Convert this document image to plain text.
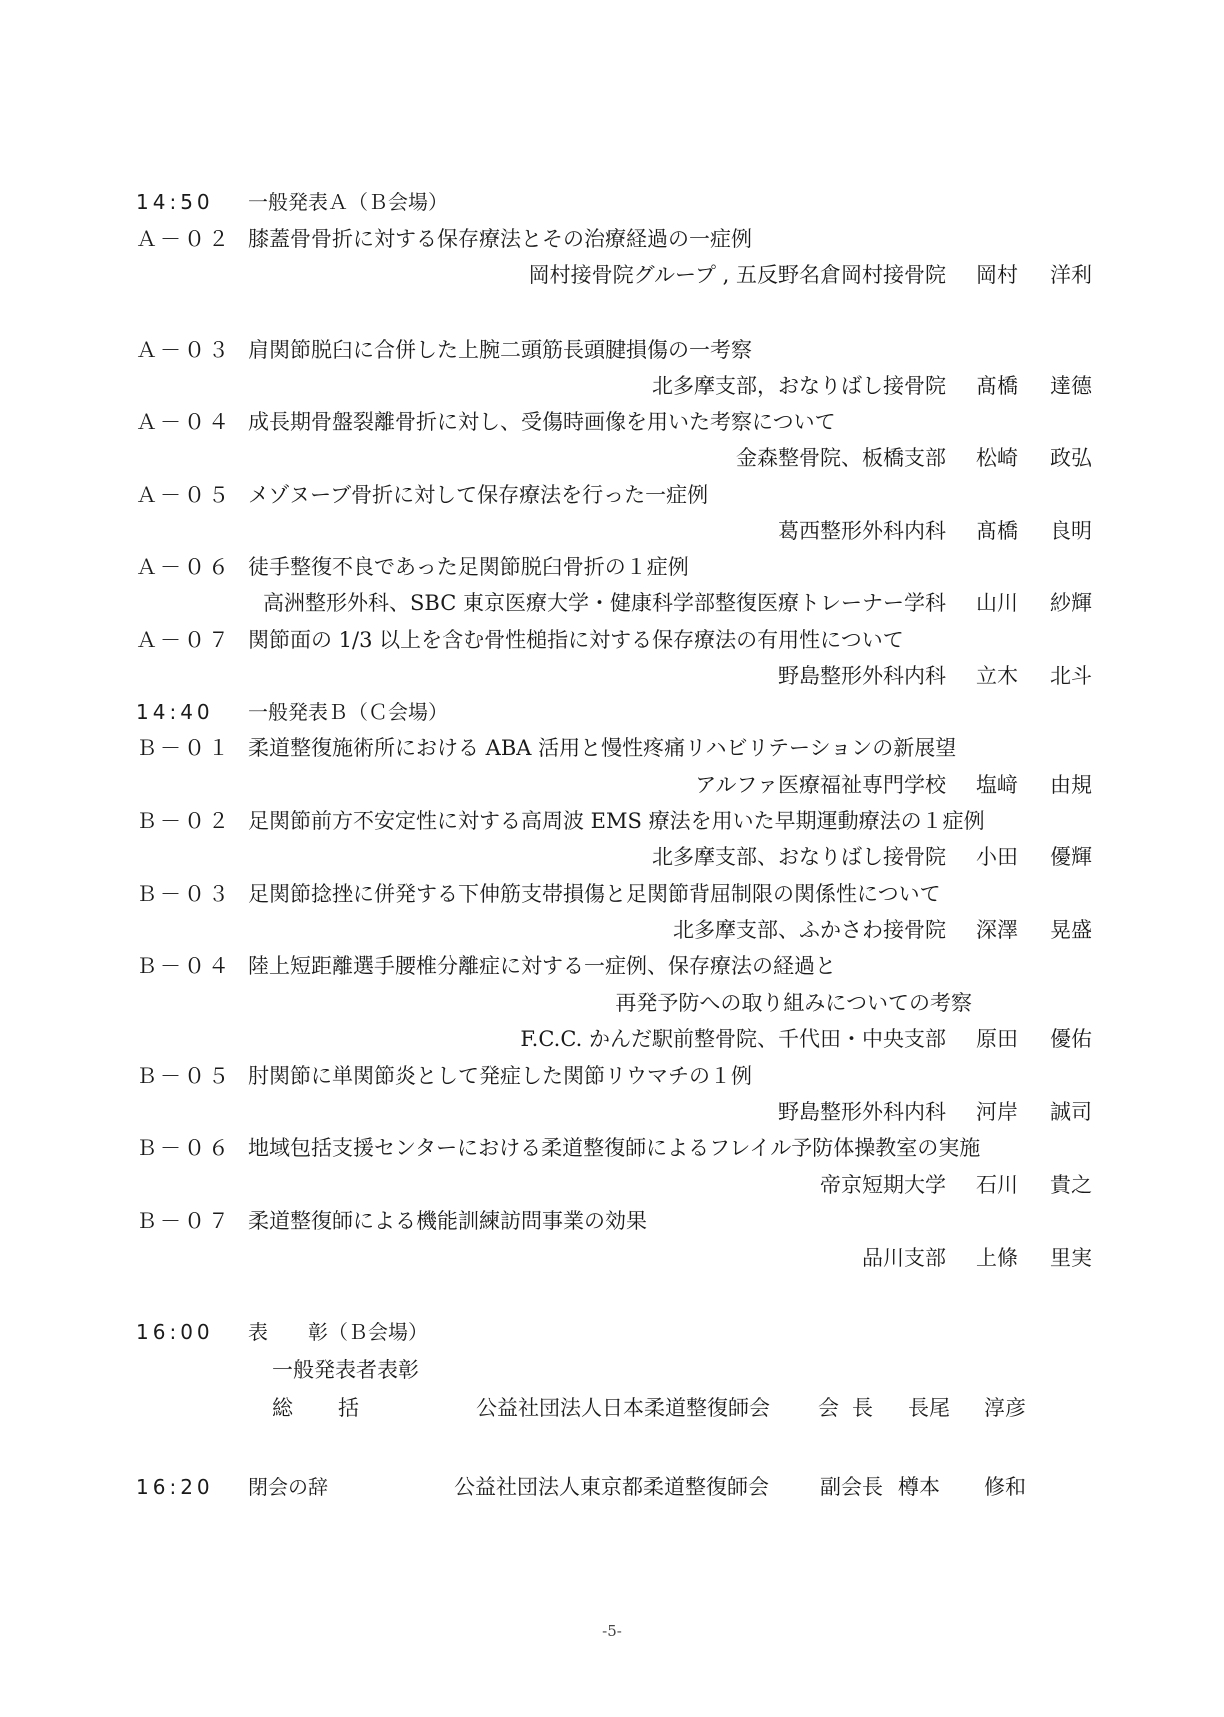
14:50 一般発表Ａ（Ｂ会場）
Ａ－０２ 膝蓋骨骨折に対する保存療法とその治療経過の一症例
岡村接骨院グループ , 五反野名倉岡村接骨院 岡村 洋利
Ａ－０３ 肩関節脱臼に合併した上腕二頭筋長頭腱損傷の一考察
北多摩支部，おなりばし接骨院 髙橋 達德
Ａ－０４ 成長期骨盤裂離骨折に対し、受傷時画像を用いた考察について
金森整骨院、板橋支部 松崎 政弘
Ａ－０５ メゾヌーブ骨折に対して保存療法を行った一症例
葛西整形外科内科 髙橋 良明
Ａ－０６ 徒手整復不良であった足関節脱臼骨折の１症例
高洲整形外科、SBC 東京医療大学・健康科学部整復医療トレーナー学科 山川 紗輝
Ａ－０７ 関節面の 1/3 以上を含む骨性槌指に対する保存療法の有用性について
野島整形外科内科 立木 北斗
14:40 一般発表Ｂ（Ｃ会場）
Ｂ－０１ 柔道整復施術所における ABA 活用と慢性疼痛リハビリテーションの新展望
アルファ医療福祉専門学校 塩﨑 由規
Ｂ－０２ 足関節前方不安定性に対する高周波 EMS 療法を用いた早期運動療法の１症例
北多摩支部、おなりばし接骨院 小田 優輝
Ｂ－０３ 足関節捻挫に併発する下伸筋支帯損傷と足関節背屈制限の関係性について
北多摩支部、ふかさわ接骨院 深澤 晃盛
Ｂ－０４ 陸上短距離選手腰椎分離症に対する一症例、保存療法の経過と
再発予防への取り組みについての考察
F.C.C. かんだ駅前整骨院、千代田・中央支部 原田 優佑
Ｂ－０５ 肘関節に単関節炎として発症した関節リウマチの１例
野島整形外科内科 河岸 誠司
Ｂ－０６ 地域包括支援センターにおける柔道整復師によるフレイル予防体操教室の実施
帝京短期大学 石川 貴之
Ｂ－０７ 柔道整復師による機能訓練訪問事業の効果
品川支部 上條 里実
16:00 表　　彰（Ｂ会場）
一般発表者表彰
総 括	公益社団法人日本柔道整復師会 会 長 長尾 淳彦
16:20 閉会の辞	公益社団法人東京都柔道整復師会 副会長 樽本 修和
-5-
